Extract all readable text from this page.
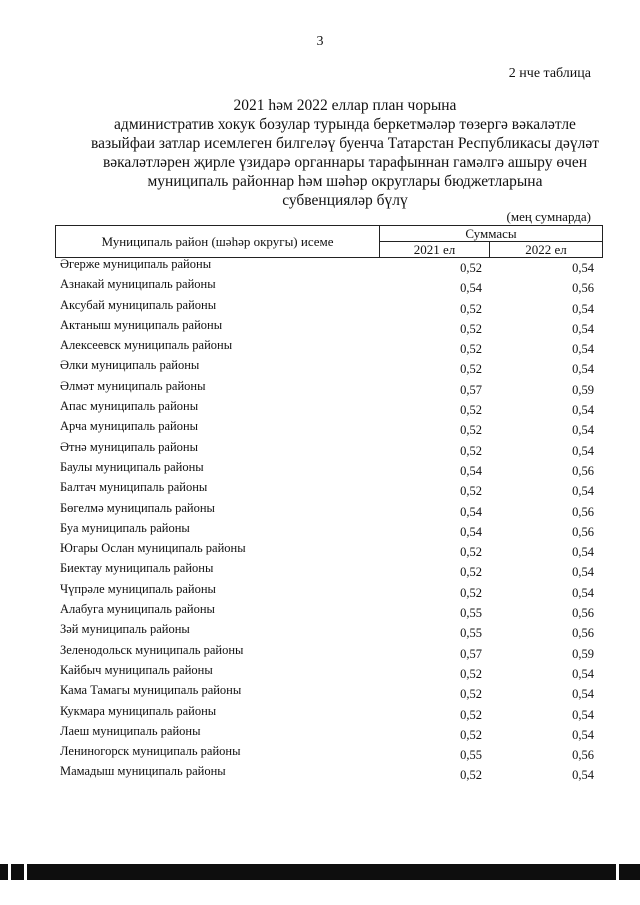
3
2 нче таблица
2021 һәм 2022 еллар план чорына
административ хокук бозулар турында беркетмәләр төзергә вәкаләтле
вазыйфаи затлар исемлеген билгеләү буенча Татарстан Республикасы дәүләт
вәкаләтләрен җирле үзидарә органнары тарафыннан гамәлгә ашыру өчен
муниципаль районнар һәм шәһәр округлары бюджетларына
субвенцияләр бүлү
(мең сумнарда)
Муниципаль район (шәһәр округы) исеме
Суммасы
2021 ел	2022 ел
Әгерже муниципаль районы	0,52	0,54
Азнакай муниципаль районы	0,54	0,56
Аксубай муниципаль районы	0,52	0,54
Актаныш муниципаль районы	0,52	0,54
Алексеевск муниципаль районы	0,52	0,54
Әлки муниципаль районы	0,52	0,54
Әлмәт муниципаль районы	0,57	0,59
Апас муниципаль районы	0,52	0,54
Арча муниципаль районы	0,52	0,54
Әтнә муниципаль районы	0,52	0,54
Баулы муниципаль районы	0,54	0,56
Балтач муниципаль районы	0,52	0,54
Бөгелмә муниципаль районы	0,54	0,56
Буа муниципаль районы	0,54	0,56
Югары Ослан муниципаль районы	0,52	0,54
Биектау муниципаль районы	0,52	0,54
Чүпрәле муниципаль районы	0,52	0,54
Алабуга муниципаль районы	0,55	0,56
Зәй муниципаль районы	0,55	0,56
Зеленодольск муниципаль районы	0,57	0,59
Кайбыч муниципаль районы	0,52	0,54
Кама Тамагы муниципаль районы	0,52	0,54
Кукмара муниципаль районы	0,52	0,54
Лаеш муниципаль районы	0,52	0,54
Лениногорск муниципаль районы	0,55	0,56
Мамадыш муниципаль районы	0,52	0,54
